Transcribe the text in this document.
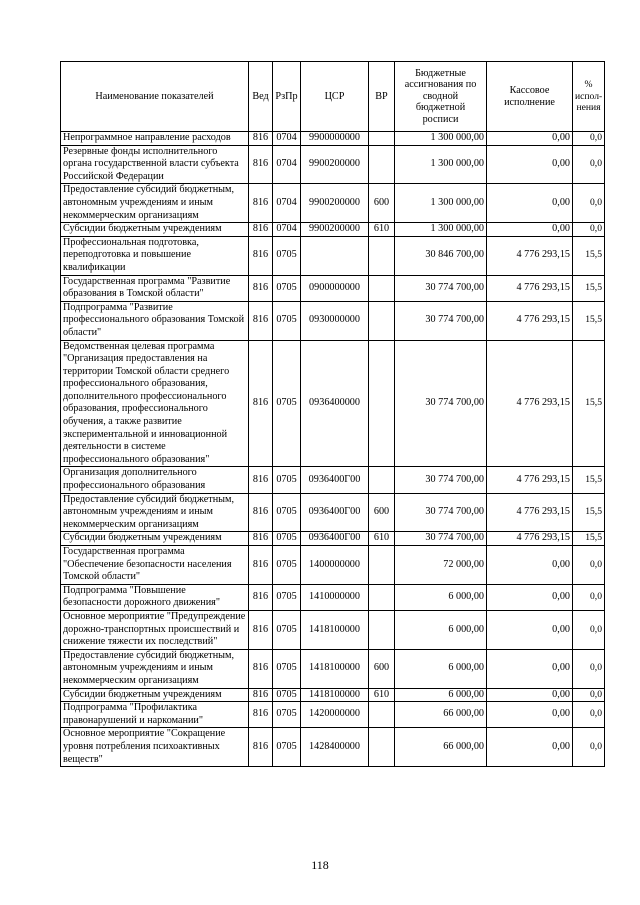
Наименование показателей	Вед	РзПр	ЦСР	ВР	Бюджетные ассигнования по сводной бюджетной росписи	Кассовое исполнение	% испол-нения
Непрограммное направление расходов	816	0704	9900000000		1 300 000,00	0,00	0,0
Резервные фонды исполнительного органа государственной власти субъекта Российской Федерации	816	0704	9900200000		1 300 000,00	0,00	0,0
Предоставление субсидий бюджетным, автономным учреждениям и иным некоммерческим организациям	816	0704	9900200000	600	1 300 000,00	0,00	0,0
Субсидии бюджетным учреждениям	816	0704	9900200000	610	1 300 000,00	0,00	0,0
Профессиональная подготовка, переподготовка и повышение квалификации	816	0705			30 846 700,00	4 776 293,15	15,5
Государственная программа "Развитие образования в Томской области"	816	0705	0900000000		30 774 700,00	4 776 293,15	15,5
Подпрограмма "Развитие профессионального образования Томской области"	816	0705	0930000000		30 774 700,00	4 776 293,15	15,5
Ведомственная целевая программа "Организация предоставления на территории Томской области среднего профессионального образования, дополнительного профессионального образования, профессионального обучения, а также развитие экспериментальной и инновационной деятельности в системе профессионального образования"	816	0705	0936400000		30 774 700,00	4 776 293,15	15,5
Организация дополнительного профессионального образования	816	0705	0936400Г00		30 774 700,00	4 776 293,15	15,5
Предоставление субсидий бюджетным, автономным учреждениям и иным некоммерческим организациям	816	0705	0936400Г00	600	30 774 700,00	4 776 293,15	15,5
Субсидии бюджетным учреждениям	816	0705	0936400Г00	610	30 774 700,00	4 776 293,15	15,5
Государственная программа "Обеспечение безопасности населения Томской области"	816	0705	1400000000		72 000,00	0,00	0,0
Подпрограмма "Повышение безопасности дорожного движения"	816	0705	1410000000		6 000,00	0,00	0,0
Основное мероприятие "Предупреждение дорожно-транспортных происшествий и снижение тяжести их последствий"	816	0705	1418100000		6 000,00	0,00	0,0
Предоставление субсидий бюджетным, автономным учреждениям и иным некоммерческим организациям	816	0705	1418100000	600	6 000,00	0,00	0,0
Субсидии бюджетным учреждениям	816	0705	1418100000	610	6 000,00	0,00	0,0
Подпрограмма "Профилактика правонарушений и наркомании"	816	0705	1420000000		66 000,00	0,00	0,0
Основное мероприятие "Сокращение уровня потребления психоактивных веществ"	816	0705	1428400000		66 000,00	0,00	0,0
118
